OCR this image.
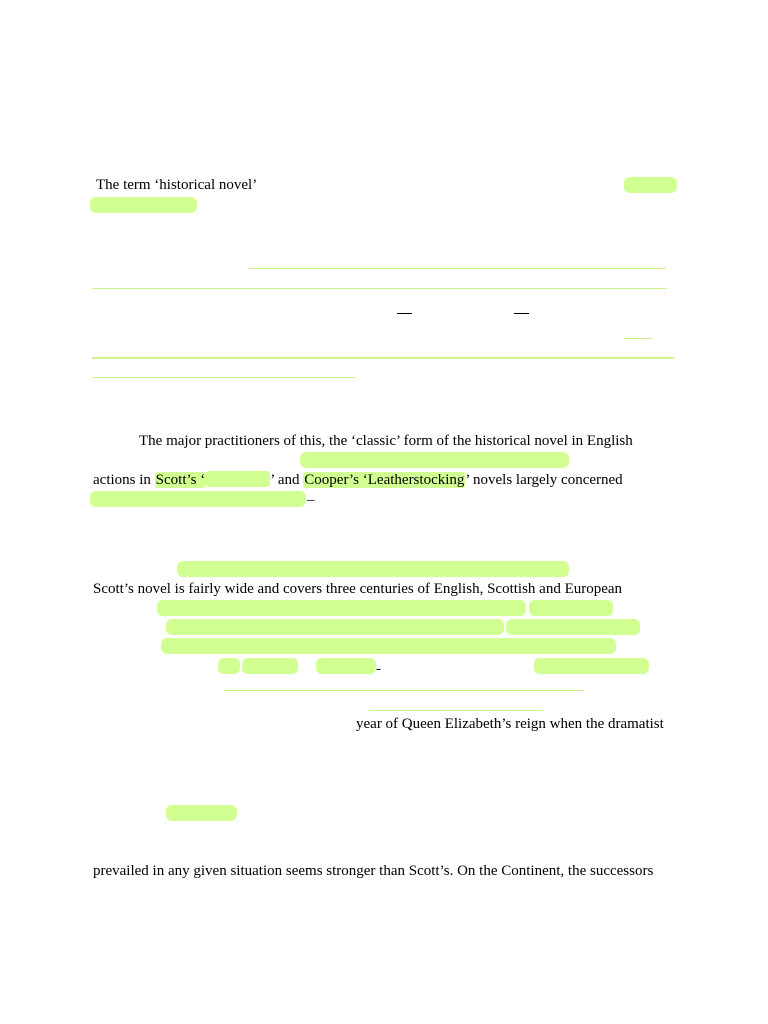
The term ‘historical novel’
The major practitioners of this, the ‘classic’ form of the historical novel in English
actions in Scott’s ‘	’ and Cooper’s ‘Leatherstocking’ novels largely concerned
–
Scott’s novel is fairly wide and covers three centuries of English, Scottish and European
-
year of Queen Elizabeth’s reign when the dramatist
prevailed in any given situation seems stronger than Scott’s. On the Continent, the successors
